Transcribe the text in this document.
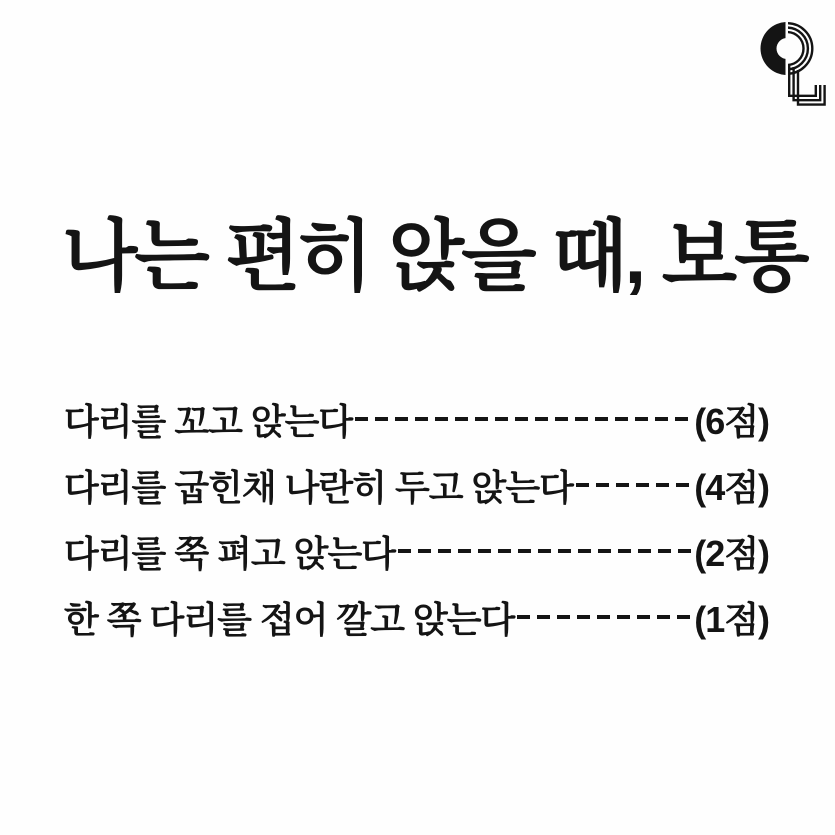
나는 편히 앉을 때, 보통
다리를 꼬고 앉는다	(6점)
다리를 굽힌채 나란히 두고 앉는다	(4점)
다리를 쭉 펴고 앉는다	(2점)
한 쪽 다리를 접어 깔고 앉는다	(1점)
